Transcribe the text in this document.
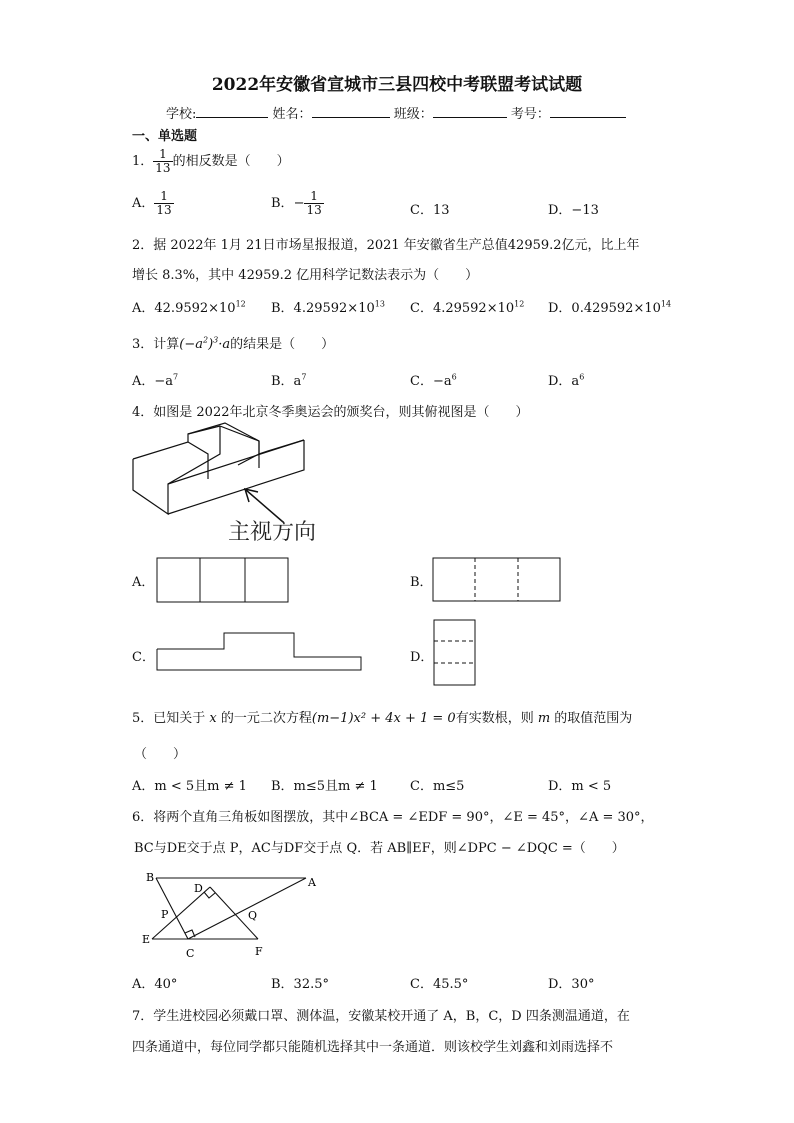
2022年安徽省宣城市三县四校中考联盟考试试题
学校:	姓名：	班级：	考号：
一、单选题
1． $\frac{1}{13}$ 的相反数是（　　）
A． $\frac{1}{13}$	B．− $\frac{1}{13}$	C．13	D．−13
2．据 2022年 1月 21日市场星报报道，2021 年安徽省生产总值42959.2亿元，比上年
增长 8.3%，其中 42959.2 亿用科学记数法表示为（　　）
A．$42.9592\times 10^{12}$ B．$4.29592\times 10^{13}$ C．$4.29592\times 10^{12}$ D．$0.429592\times 10^{14}$
3．计算$(-a^2)^3\cdot a$的结果是（　　）
A．$-a^7$	B．$a^7$	C．$-a^6$	D．$a^6$
4．如图是 2022年北京冬季奥运会的颁奖台，则其俯视图是（　　）
主视方向
A．	B．
C．	D．
5．已知关于 x 的一元二次方程(m−1)x² + 4x + 1 = 0有实数根，则 m 的取值范围为
（　　）
A．m < 5且m ≠ 1 B．m≤5且m ≠ 1 C．m≤5	D．m < 5
6．将两个直角三角板如图摆放，其中∠BCA = ∠EDF = 90°，∠E = 45°，∠A = 30°，
BC与DE交于点 P，AC与DF交于点 Q．若 AB∥EF，则∠DPC − ∠DQC =（　　）
B	A
D
P	Q
E
C	F
A．40°	B．32.5°	C．45.5°	D．30°
7．学生进校园必须戴口罩、测体温，安徽某校开通了 A，B，C，D 四条测温通道，在
四条通道中，每位同学都只能随机选择其中一条通道．则该校学生刘鑫和刘雨选择不
